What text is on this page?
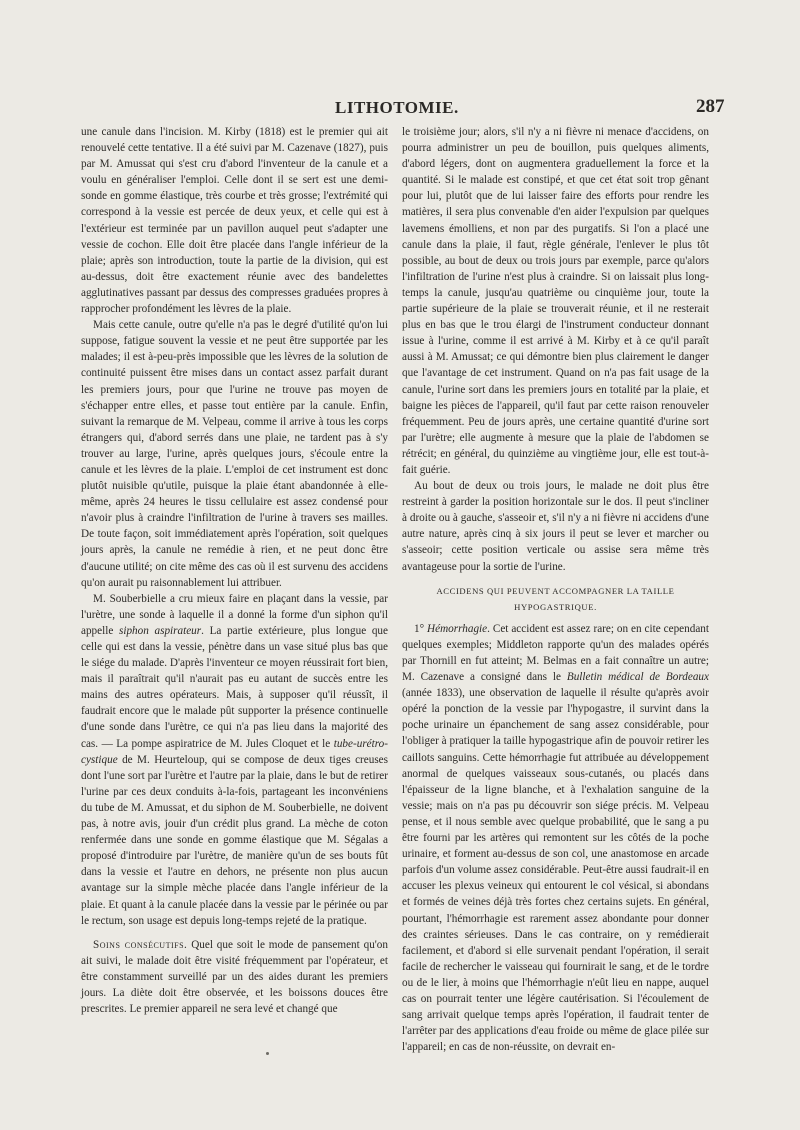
LITHOTOMIE.	287

une canule dans l'incision. M. Kirby (1818) est le premier qui ait renouvelé cette tentative. Il a été suivi par M. Cazenave (1827), puis par M. Amussat qui s'est cru d'abord l'inventeur de la canule et a voulu en généraliser l'emploi. Celle dont il se sert est une demi-sonde en gomme élastique, très courbe et très grosse; l'extrémité qui correspond à la vessie est percée de deux yeux, et celle qui est à l'extérieur est terminée par un pavillon auquel peut s'adapter une vessie de cochon. Elle doit être placée dans l'angle inférieur de la plaie; après son introduction, toute la partie de la division, qui est au-dessus, doit être exactement réunie avec des bandelettes agglutinatives passant par dessus des compresses graduées propres à rapprocher profondément les lèvres de la plaie.

Mais cette canule, outre qu'elle n'a pas le degré d'utilité qu'on lui suppose, fatigue souvent la vessie et ne peut être supportée par les malades; il est à-peu-près impossible que les lèvres de la solution de continuité puissent être mises dans un contact assez parfait durant les premiers jours, pour que l'urine ne trouve pas moyen de s'échapper entre elles, et passe tout entière par la canule. Enfin, suivant la remarque de M. Velpeau, comme il arrive à tous les corps étrangers qui, d'abord serrés dans une plaie, ne tardent pas à s'y trouver au large, l'urine, après quelques jours, s'écoule entre la canule et les lèvres de la plaie. L'emploi de cet instrument est donc plutôt nuisible qu'utile, puisque la plaie étant abandonnée à elle-même, après 24 heures le tissu cellulaire est assez condensé pour n'avoir plus à craindre l'infiltration de l'urine à travers ses mailles. De toute façon, soit immédiatement après l'opération, soit quelques jours après, la canule ne remédie à rien, et ne peut donc être d'aucune utilité; on cite même des cas où il est survenu des accidens qu'on aurait pu raisonnablement lui attribuer.

M. Souberbielle a cru mieux faire en plaçant dans la vessie, par l'urètre, une sonde à laquelle il a donné la forme d'un siphon qu'il appelle siphon aspirateur. La partie extérieure, plus longue que celle qui est dans la vessie, pénètre dans un vase situé plus bas que le siége du malade. D'après l'inventeur ce moyen réussirait fort bien, mais il paraîtrait qu'il n'aurait pas eu autant de succès entre les mains des autres opérateurs. Mais, à supposer qu'il réussît, il faudrait encore que le malade pût supporter la présence continuelle d'une sonde dans l'urètre, ce qui n'a pas lieu dans la majorité des cas. — La pompe aspiratrice de M. Jules Cloquet et le tube-urétro-cystique de M. Heurteloup, qui se compose de deux tiges creuses dont l'une sort par l'urètre et l'autre par la plaie, dans le but de retirer l'urine par ces deux conduits à-la-fois, partageant les inconvéniens du tube de M. Amussat, et du siphon de M. Souberbielle, ne doivent pas, à notre avis, jouir d'un crédit plus grand. La mèche de coton renfermée dans une sonde en gomme élastique que M. Ségalas a proposé d'introduire par l'urètre, de manière qu'un de ses bouts fût dans la vessie et l'autre en dehors, ne présente non plus aucun avantage sur la simple mèche placée dans l'angle inférieur de la plaie. Et quant à la canule placée dans la vessie par le périnée ou par le rectum, son usage est depuis long-temps rejeté de la pratique.

Soins consécutifs. Quel que soit le mode de pansement qu'on ait suivi, le malade doit être visité fréquemment par l'opérateur, et être constamment surveillé par un des aides durant les premiers jours. La diète doit être observée, et les boissons douces être prescrites. Le premier appareil ne sera levé et changé que

le troisième jour; alors, s'il n'y a ni fièvre ni menace d'accidens, on pourra administrer un peu de bouillon, puis quelques aliments, d'abord légers, dont on augmentera graduellement la force et la quantité. Si le malade est constipé, et que cet état soit trop gênant pour lui, plutôt que de lui laisser faire des efforts pour rendre les matières, il sera plus convenable d'en aider l'expulsion par quelques lavemens émolliens, et non par des purgatifs. Si l'on a placé une canule dans la plaie, il faut, règle générale, l'enlever le plus tôt possible, au bout de deux ou trois jours par exemple, parce qu'alors l'infiltration de l'urine n'est plus à craindre. Si on laissait plus long-temps la canule, jusqu'au quatrième ou cinquième jour, toute la partie supérieure de la plaie se trouverait réunie, et il ne resterait plus en bas que le trou élargi de l'instrument conducteur donnant issue à l'urine, comme il est arrivé à M. Kirby et à ce qu'il paraît aussi à M. Amussat; ce qui démontre bien plus clairement le danger que l'avantage de cet instrument. Quand on n'a pas fait usage de la canule, l'urine sort dans les premiers jours en totalité par la plaie, et baigne les pièces de l'appareil, qu'il faut par cette raison renouveler fréquemment. Peu de jours après, une certaine quantité d'urine sort par l'urètre; elle augmente à mesure que la plaie de l'abdomen se rétrécit; en général, du quinzième au vingtième jour, elle est tout-à-fait guérie.

Au bout de deux ou trois jours, le malade ne doit plus être restreint à garder la position horizontale sur le dos. Il peut s'incliner à droite ou à gauche, s'asseoir et, s'il n'y a ni fièvre ni accidens d'une autre nature, après cinq à six jours il peut se lever et marcher ou s'asseoir; cette position verticale ou assise sera même très avantageuse pour la sortie de l'urine.

ACCIDENS QUI PEUVENT ACCOMPAGNER LA TAILLE HYPOGASTRIQUE.

1° Hémorrhagie. Cet accident est assez rare; on en cite cependant quelques exemples; Middleton rapporte qu'un des malades opérés par Thornill en fut atteint; M. Belmas en a fait connaître un autre; M. Cazenave a consigné dans le Bulletin médical de Bordeaux (année 1833), une observation de laquelle il résulte qu'après avoir opéré la ponction de la vessie par l'hypogastre, il survint dans la poche urinaire un épanchement de sang assez considérable, pour l'obliger à pratiquer la taille hypogastrique afin de pouvoir retirer les caillots sanguins. Cette hémorrhagie fut attribuée au développement anormal de quelques vaisseaux sous-cutanés, ou placés dans l'épaisseur de la ligne blanche, et à l'exhalation sanguine de la vessie; mais on n'a pas pu découvrir son siége précis. M. Velpeau pense, et il nous semble avec quelque probabilité, que le sang a pu être fourni par les artères qui remontent sur les côtés de la poche urinaire, et forment au-dessus de son col, une anastomose en arcade parfois d'un volume assez considérable. Peut-être aussi faudrait-il en accuser les plexus veineux qui entourent le col vésical, si abondans et formés de veines déjà très fortes chez certains sujets. En général, pourtant, l'hémorrhagie est rarement assez abondante pour donner des craintes sérieuses. Dans le cas contraire, on y remédierait facilement, et d'abord si elle survenait pendant l'opération, il serait facile de rechercher le vaisseau qui fournirait le sang, et de le tordre ou de le lier, à moins que l'hémorrhagie n'eût lieu en nappe, auquel cas on pourrait tenter une légère cautérisation. Si l'écoulement de sang arrivait quelque temps après l'opération, il faudrait tenter de l'arrêter par des applications d'eau froide ou même de glace pilée sur l'appareil; en cas de non-réussite, on devrait en-
